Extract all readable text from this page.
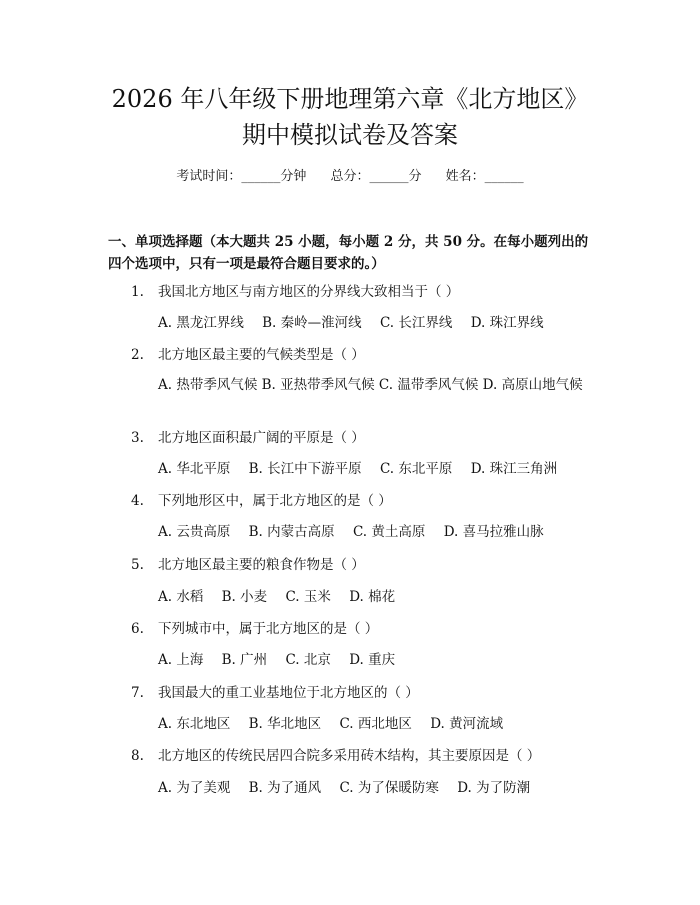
2026 年八年级下册地理第六章《北方地区》
期中模拟试卷及答案
考试时间：______分钟 总分：______分 姓名：______
一、单项选择题（本大题共 25 小题，每小题 2 分，共 50 分。在每小题列出的四个选项中，只有一项是最符合题目要求的。）
1. 我国北方地区与南方地区的分界线大致相当于（ ）
A. 黑龙江界线 B. 秦岭—淮河线 C. 长江界线 D. 珠江界线
2. 北方地区最主要的气候类型是（ ）
A. 热带季风气候 B. 亚热带季风气候 C. 温带季风气候 D. 高原山地气候
3. 北方地区面积最广阔的平原是（ ）
A. 华北平原 B. 长江中下游平原 C. 东北平原 D. 珠江三角洲
4. 下列地形区中，属于北方地区的是（ ）
A. 云贵高原 B. 内蒙古高原 C. 黄土高原 D. 喜马拉雅山脉
5. 北方地区最主要的粮食作物是（ ）
A. 水稻 B. 小麦 C. 玉米 D. 棉花
6. 下列城市中，属于北方地区的是（ ）
A. 上海 B. 广州 C. 北京 D. 重庆
7. 我国最大的重工业基地位于北方地区的（ ）
A. 东北地区 B. 华北地区 C. 西北地区 D. 黄河流域
8. 北方地区的传统民居四合院多采用砖木结构，其主要原因是（ ）
A. 为了美观 B. 为了通风 C. 为了保暖防寒 D. 为了防潮
